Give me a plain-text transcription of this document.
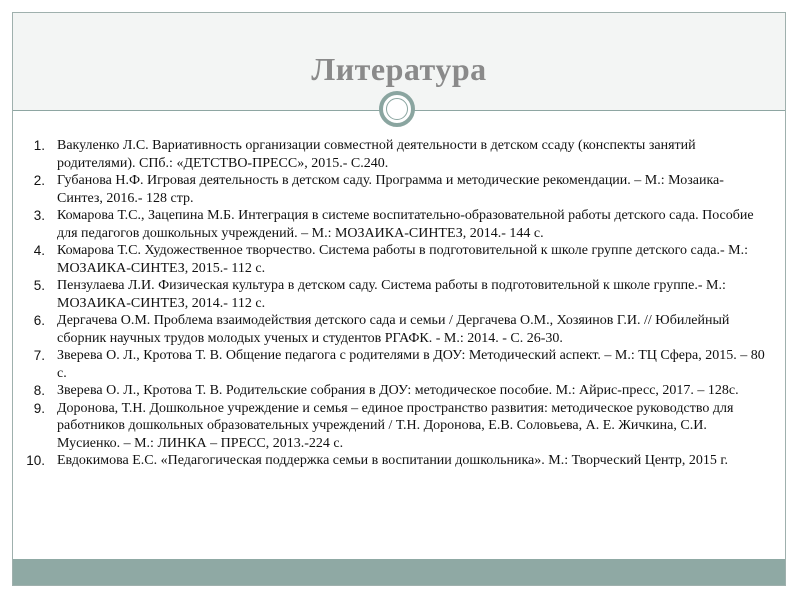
Литература
1. Вакуленко Л.С. Вариативность организации совместной деятельности в детском ссаду (конспекты занятий родителями). СПб.: «ДЕТСТВО-ПРЕСС», 2015.- С.240.
2. Губанова Н.Ф. Игровая деятельность в детском саду. Программа и методические рекомендации. – М.: Мозаика-Синтез, 2016.- 128 стр.
3. Комарова Т.С., Зацепина М.Б. Интеграция в системе воспитательно-образовательной работы детского сада. Пособие для педагогов дошкольных учреждений. – М.: МОЗАИКА-СИНТЕЗ, 2014.- 144 с.
4. Комарова Т.С. Художественное творчество. Система работы в подготовительной к школе группе детского сада.- М.: МОЗАИКА-СИНТЕЗ, 2015.- 112 с.
5. Пензулаева Л.И. Физическая культура в детском саду. Система работы в подготовительной к школе группе.- М.: МОЗАИКА-СИНТЕЗ, 2014.- 112 с.
6. Дергачева О.М. Проблема взаимодействия детского сада и семьи / Дергачева О.М., Хозяинов Г.И. // Юбилейный сборник научных трудов молодых ученых и студентов РГАФК. - М.: 2014. - С. 26-30.
7. Зверева О. Л., Кротова Т. В. Общение педагога с родителями в ДОУ: Методический аспект. – М.: ТЦ Сфера, 2015. – 80 с.
8. Зверева О. Л., Кротова Т. В. Родительские собрания в ДОУ: методическое пособие. М.: Айрис-пресс, 2017. – 128с.
9. Доронова, Т.Н. Дошкольное учреждение и семья – единое пространство развития: методическое руководство для работников дошкольных образовательных учреждений / Т.Н. Доронова, Е.В. Соловьева, А. Е. Жичкина, С.И. Мусиенко. – М.: ЛИНКА – ПРЕСС, 2013.-224 с.
10. Евдокимова Е.С. «Педагогическая поддержка семьи в воспитании дошкольника». М.: Творческий Центр, 2015 г.
